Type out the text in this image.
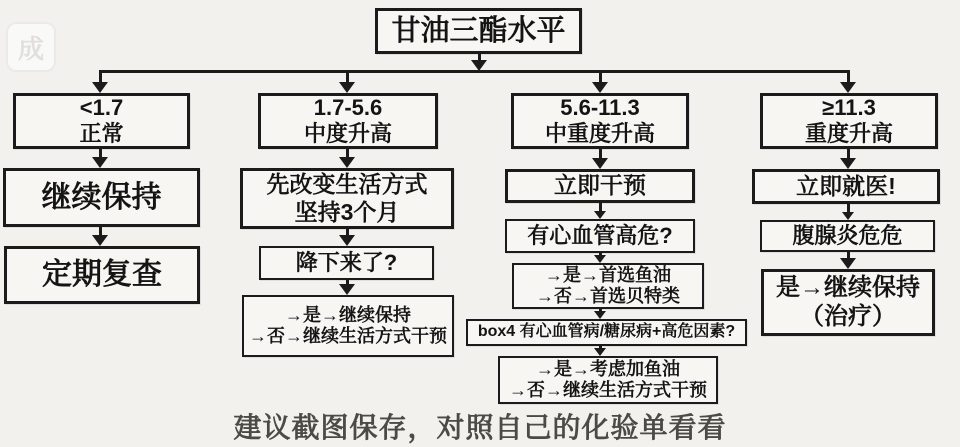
成
甘油三酯水平
<1.7
正常
继续保持
定期复查
1.7-5.6
中度升高
先改变生活方式
坚持3个月
降下来了?
→是→继续保持
→否→继续生活方式干预
5.6-11.3
中重度升高
立即干预
有心血管高危?
→是→首选鱼油
→否→首选贝特类
box4 有心血管病/糖尿病+高危因素?
→是→考虑加鱼油
→否→继续生活方式干预
≥11.3
重度升高
立即就医!
腹腺炎危危
是→继续保持
（治疗）
建议截图保存，对照自己的化验单看看
